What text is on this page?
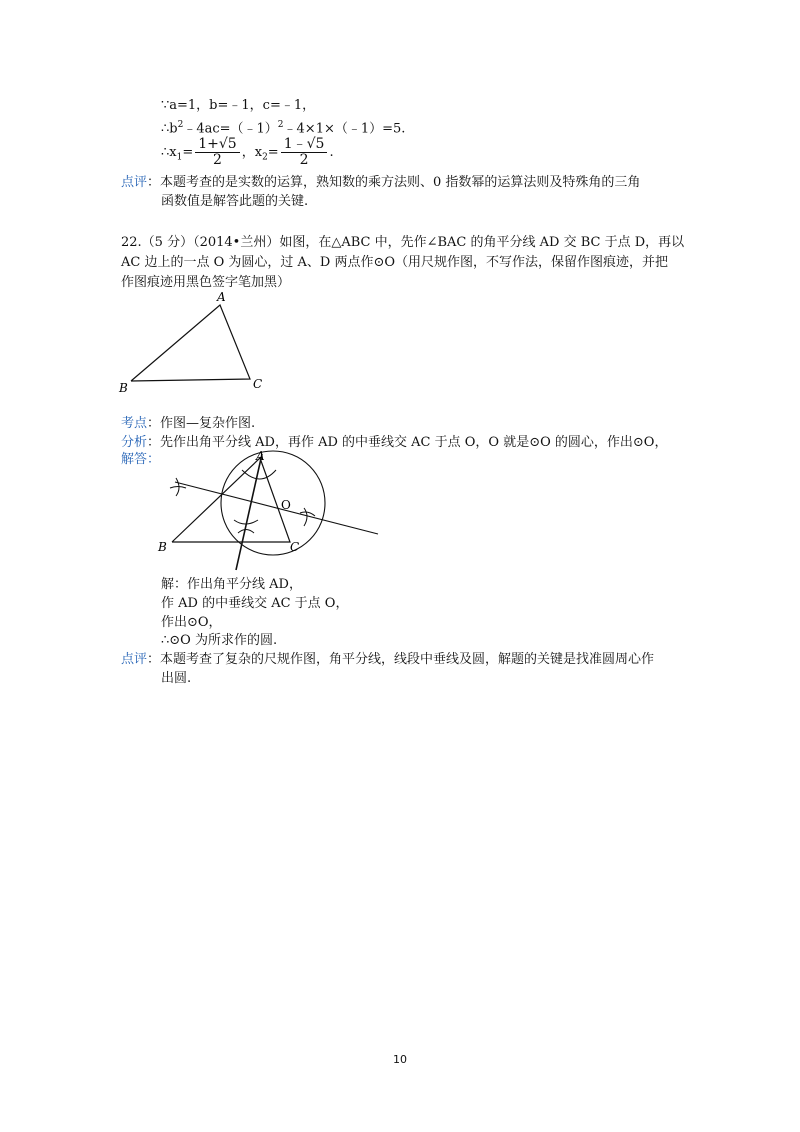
∵a=1，b=﹣1，c=﹣1，
$\therefore b^2﹣4ac=(﹣1)^2﹣4\times 1\times(﹣1)=5$.
$\therefore x_1= \frac{1+√5}{2}$ ，$x_2= \frac{1﹣√5}{2}$ .
点评：本题考查的是实数的运算，熟知数的乘方法则、0 指数幂的运算法则及特殊角的三角
函数值是解答此题的关键.
22.（5 分）（2014•兰州）如图，在△ABC 中，先作∠BAC 的角平分线 AD 交 BC 于点 D，再以
AC 边上的一点 O 为圆心，过 A、D 两点作⊙O（用尺规作图，不写作法，保留作图痕迹，并把
作图痕迹用黑色签字笔加黑）
A
B	C
考点：作图—复杂作图.
分析：先作出角平分线 AD，再作 AD 的中垂线交 AC 于点 O，O 就是⊙O 的圆心，作出⊙O，
解答：	A
B	C
O
解：作出角平分线 AD，
作 AD 的中垂线交 AC 于点 O，
作出⊙O，
∴⊙O 为所求作的圆.
点评：本题考查了复杂的尺规作图，角平分线，线段中垂线及圆，解题的关键是找准圆周心作
出圆.
10
